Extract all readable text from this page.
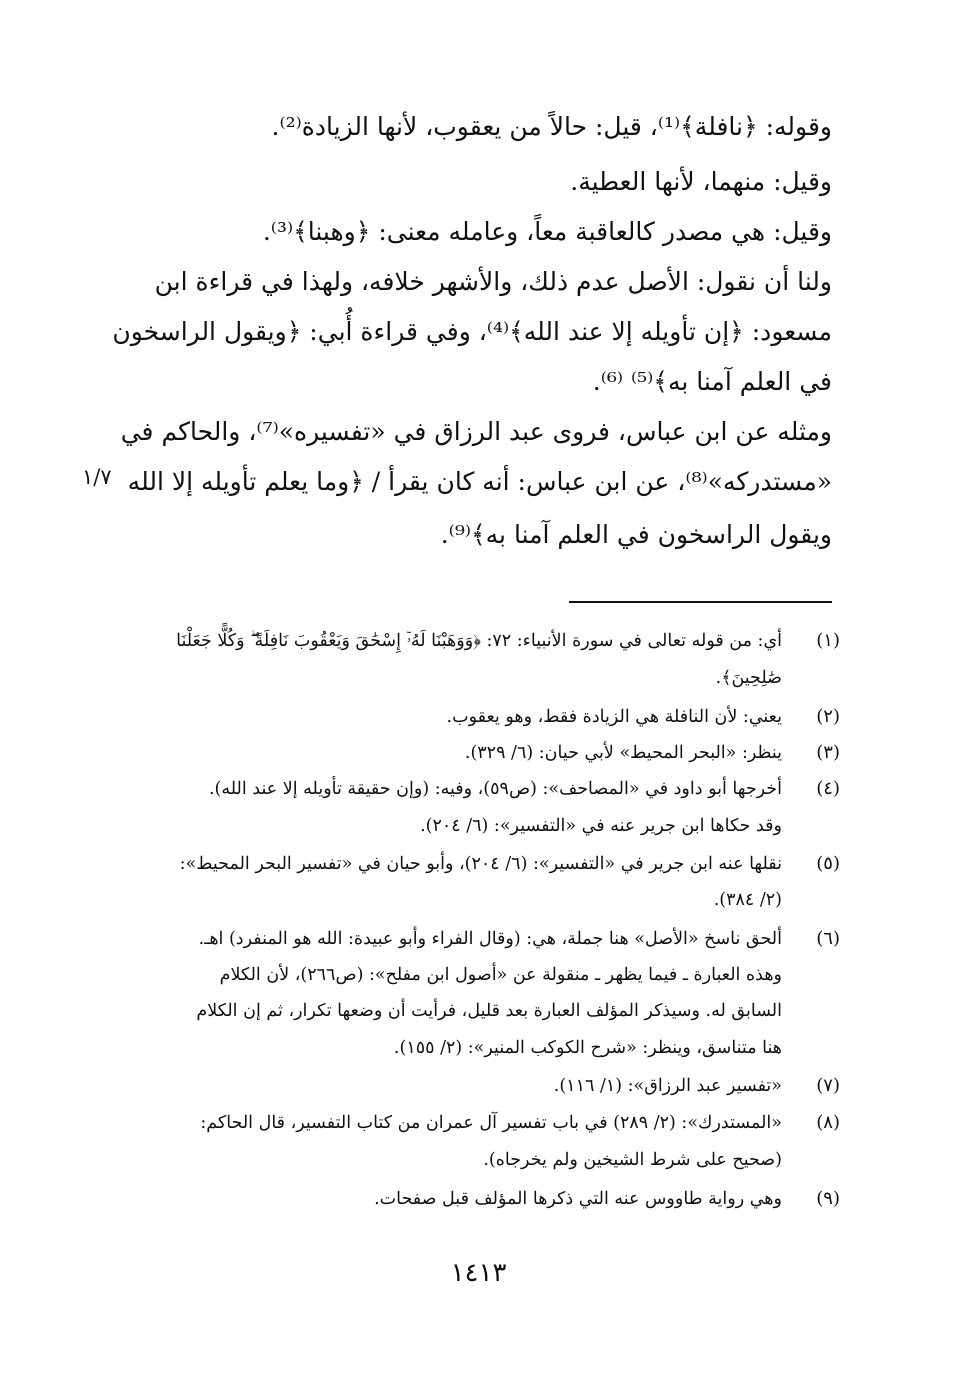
وقوله: ﴿نافلة﴾⁽¹⁾، قيل: حالاً من يعقوب، لأنها الزيادة⁽²⁾.
وقيل: منهما، لأنها العطية.
وقيل: هي مصدر كالعاقبة معاً، وعامله معنى: ﴿وهبنا﴾⁽³⁾.
ولنا أن نقول: الأصل عدم ذلك، والأشهر خلافه، ولهذا في قراءة ابن
مسعود: ﴿إن تأويله إلا عند الله﴾⁽⁴⁾، وفي قراءة أُبي: ﴿ويقول الراسخون
في العلم آمنا به﴾⁽⁵⁾ ⁽⁶⁾.
ومثله عن ابن عباس، فروى عبد الرزاق في «تفسيره»⁽⁷⁾، والحاكم في
«مستدركه»⁽⁸⁾، عن ابن عباس: أنه كان يقرأ / ﴿وما يعلم تأويله إلا الله
ويقول الراسخون في العلم آمنا به﴾⁽⁹⁾.
١/٧
(١)
أي: من قوله تعالى في سورة الأنبياء: ٧٢: ﴿وَوَهَبْنَا لَهُۥٓ إِسْحَٰقَ وَيَعْقُوبَ نَافِلَةً ۖ وَكُلًّا جَعَلْنَا
صَٰلِحِينَ﴾.
(٢)
يعني: لأن النافلة هي الزيادة فقط، وهو يعقوب.
(٣)
ينظر: «البحر المحيط» لأبي حيان: (٦/ ٣٢٩).
(٤)
أخرجها أبو داود في «المصاحف»: (ص٥٩)، وفيه: (وإن حقيقة تأويله إلا عند الله).
وقد حكاها ابن جرير عنه في «التفسير»: (٦/ ٢٠٤).
(٥)
نقلها عنه ابن جرير في «التفسير»: (٦/ ٢٠٤)، وأبو حيان في «تفسير البحر المحيط»:
(٢/ ٣٨٤).
(٦)
ألحق ناسخ «الأصل» هنا جملة، هي: (وقال الفراء وأبو عبيدة: الله هو المنفرد) اهـ.
وهذه العبارة ـ فيما يظهر ـ منقولة عن «أصول ابن مفلح»: (ص٢٦٦)، لأن الكلام
السابق له. وسيذكر المؤلف العبارة بعد قليل، فرأيت أن وضعها تكرار، ثم إن الكلام
هنا متناسق، وينظر: «شرح الكوكب المنير»: (٢/ ١٥٥).
(٧)
«تفسير عبد الرزاق»: (١/ ١١٦).
(٨)
«المستدرك»: (٢/ ٢٨٩) في باب تفسير آل عمران من كتاب التفسير، قال الحاكم:
(صحيح على شرط الشيخين ولم يخرجاه).
(٩)
وهي رواية طاووس عنه التي ذكرها المؤلف قبل صفحات.
١٤١٣
